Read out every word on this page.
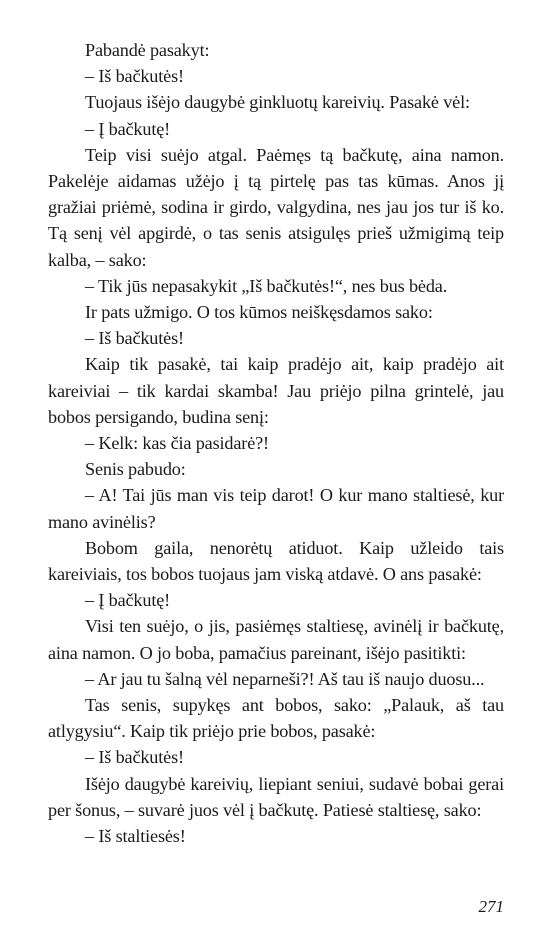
Pabandė pasakyt:

– Iš bačkutės!

Tuojaus išėjo daugybė ginkluotų kareivių. Pasakė vėl:

– Į bačkutę!

Teip visi suėjo atgal. Paėmęs tą bačkutę, aina namon. Pakelėje aidamas užėjo į tą pirtelę pas tas kūmas. Anos jį gražiai priėmė, sodina ir girdo, valgydina, nes jau jos tur iš ko. Tą senį vėl apgirdė, o tas senis atsigulęs prieš užmigimą teip kalba, – sako:

– Tik jūs nepasakykit „Iš bačkutės!“, nes bus bėda.

Ir pats užmigo. O tos kūmos neiškęsdamos sako:

– Iš bačkutės!

Kaip tik pasakė, tai kaip pradėjo ait, kaip pradėjo ait kareiviai – tik kardai skamba! Jau priėjo pilna grintelė, jau bobos persigando, budina senį:

– Kelk: kas čia pasidarė?!

Senis pabudo:

– A! Tai jūs man vis teip darot! O kur mano staltiesė, kur mano avinėlis?

Bobom gaila, nenorėtų atiduot. Kaip užleido tais kareiviais, tos bobos tuojaus jam viską atdavė. O ans pasakė:

– Į bačkutę!

Visi ten suėjo, o jis, pasiėmęs staltiesę, avinėlį ir bačkutę, aina namon. O jo boba, pamačius pareinant, išėjo pasitikti:

– Ar jau tu šalną vėl neparneši?! Aš tau iš naujo duosu...

Tas senis, supykęs ant bobos, sako: „Palauk, aš tau atlygysiu“. Kaip tik priėjo prie bobos, pasakė:

– Iš bačkutės!

Išėjo daugybė kareivių, liepiant seniui, sudavė bobai gerai per šonus, – suvarė juos vėl į bačkutę. Patiesė staltiesę, sako:

– Iš staltiesės!

271
